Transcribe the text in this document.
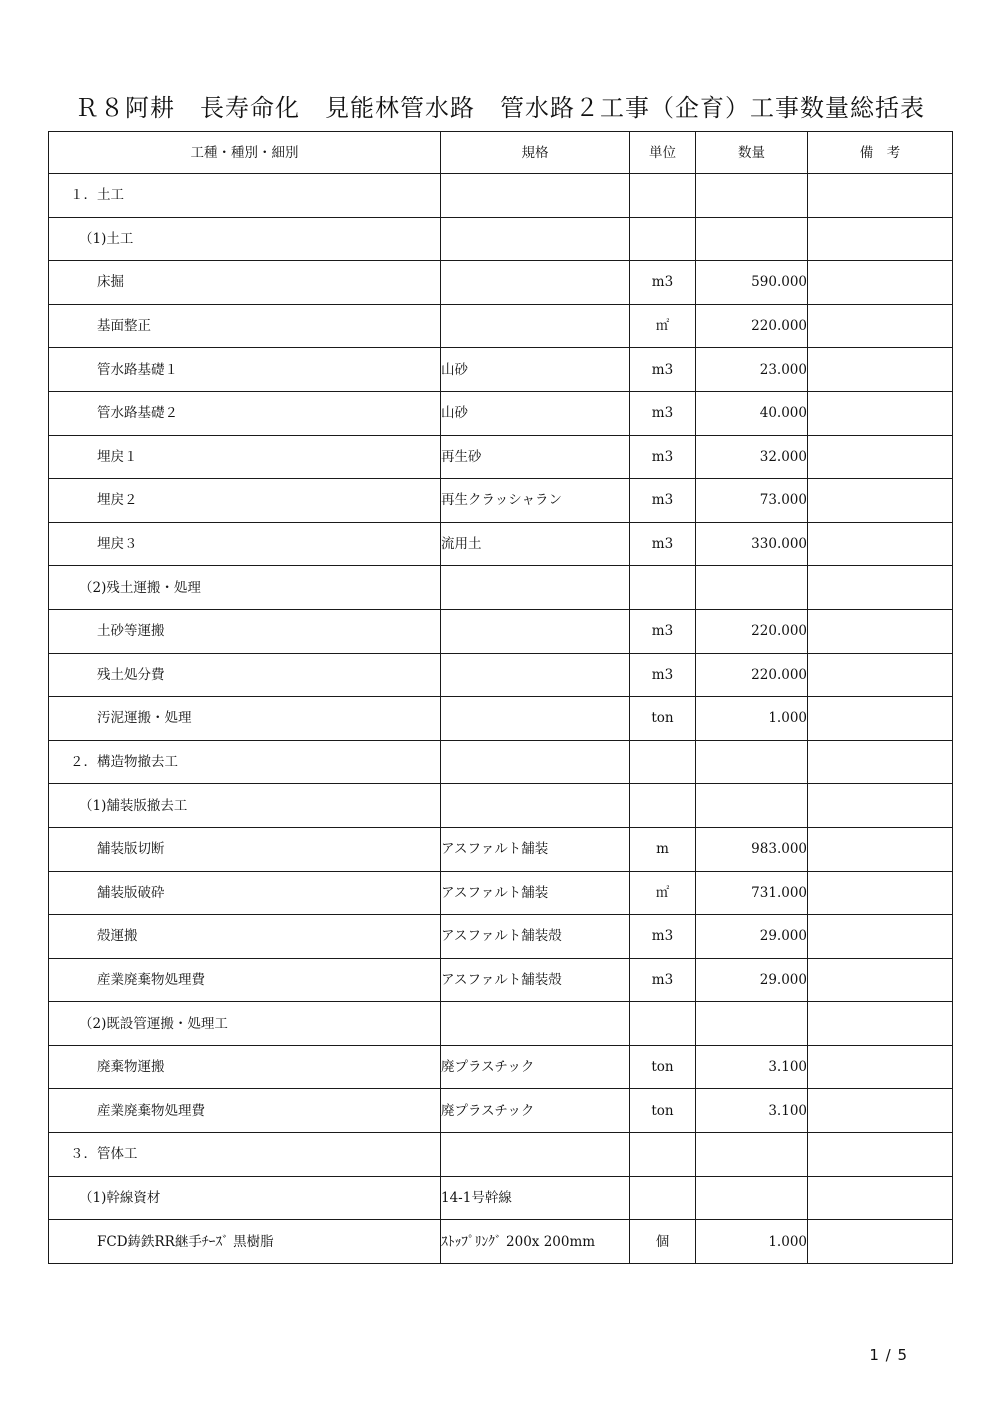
Ｒ８阿耕　長寿命化　見能林管水路　管水路２工事（企育）工事数量総括表
工種・種別・細別	規格	単位	数量	備　考
１．土工				
（1)土工				
床掘		m3	590.000	
基面整正		㎡	220.000	
管水路基礎１	山砂	m3	23.000	
管水路基礎２	山砂	m3	40.000	
埋戻１	再生砂	m3	32.000	
埋戻２	再生クラッシャラン	m3	73.000	
埋戻３	流用土	m3	330.000	
（2)残土運搬・処理				
土砂等運搬		m3	220.000	
残土処分費		m3	220.000	
汚泥運搬・処理		ton	1.000	
２．構造物撤去工				
（1)舗装版撤去工				
舗装版切断	アスファルト舗装	m	983.000	
舗装版破砕	アスファルト舗装	㎡	731.000	
殻運搬	アスファルト舗装殻	m3	29.000	
産業廃棄物処理費	アスファルト舗装殻	m3	29.000	
（2)既設管運搬・処理工				
廃棄物運搬	廃プラスチック	ton	3.100	
産業廃棄物処理費	廃プラスチック	ton	3.100	
３．管体工				
（1)幹線資材	14-1号幹線			
FCD鋳鉄RR継手ﾁｰｽﾞ 黒樹脂	ｽﾄｯﾌﾟﾘﾝｸﾞ 200x 200mm	個	1.000	
1 / 5
